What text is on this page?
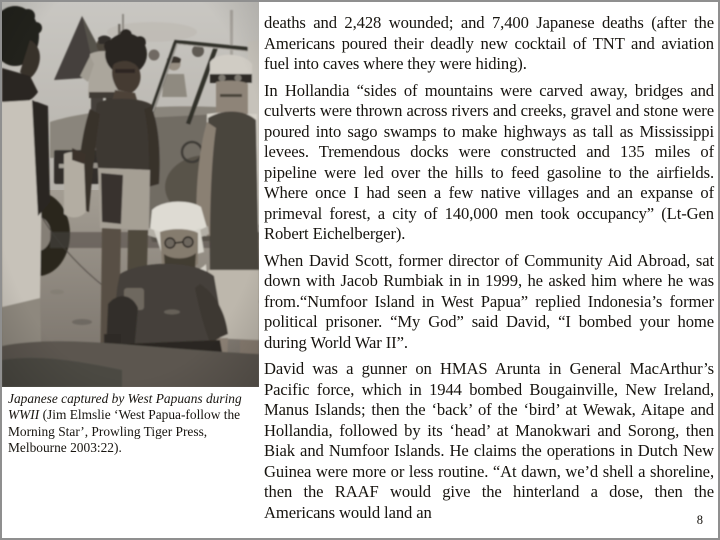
Japanese captured by West Papuans during WWII (Jim Elmslie ‘West Papua-follow the Morning Star’, Prowling Tiger Press, Melbourne 2003:22).

deaths and 2,428 wounded; and 7,400 Japanese deaths (after the Americans poured their deadly new cocktail of TNT and aviation fuel into caves where they were hiding).

In Hollandia “sides of mountains were carved away, bridges and culverts were thrown across rivers and creeks, gravel and stone were poured into sago swamps to make highways as tall as Mississippi levees. Tremendous docks were constructed and 135 miles of pipeline were led over the hills to feed gasoline to the airfields. Where once I had seen a few native villages and an expanse of primeval forest, a city of 140,000 men took occupancy” (Lt-Gen Robert Eichelberger).

When David Scott, former director of Community Aid Abroad, sat down with Jacob Rumbiak in in 1999, he asked him where he was from.“Numfoor Island in West Papua” replied Indonesia’s former political prisoner. “My God” said David, “I bombed your home during World War II”.

David was a gunner on HMAS Arunta in General MacArthur’s Pacific force, which in 1944 bombed Bougainville, New Ireland, Manus Islands; then the ‘back’ of the ‘bird’ at Wewak, Aitape and Hollandia, followed by its ‘head’ at Manokwari and Sorong, then Biak and Numfoor Islands. He claims the operations in Dutch New Guinea were more or less routine. “At dawn, we’d shell a shoreline, then the RAAF would give the hinterland a dose, then the Americans would land an	8
